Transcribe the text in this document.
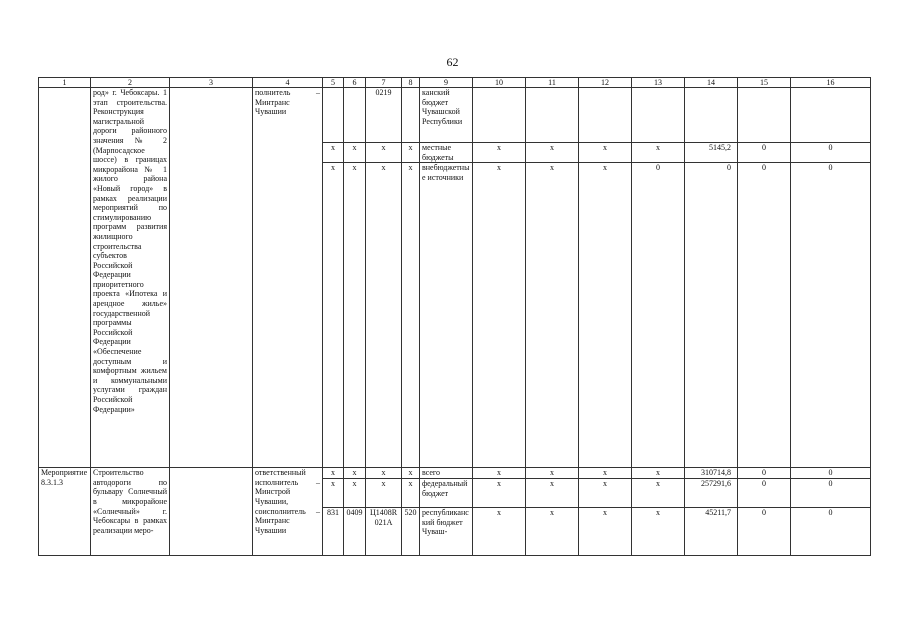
62
1	2	3	4	5	6	7	8	9	10	11	12	13	14	15	16
	род» г. Чебоксары. 1 этап строительства. Реконструкция магистральной дороги районного значения № 2 (Марпосадское шоссе) в границах микрорайона № 1 жилого района «Новый город» в рамках реализации мероприятий по стимулированию программ развития жилищного строительства субъектов Российской Федерации приоритетного проекта «Ипотека и арендное жилье» государственной программы Российской Федерации «Обеспечение доступным и комфортным жильем и коммунальными услугами граждан Российской Федерации»		полнитель – Минтранс Чувашии			0219		канский бюджет Чувашской Республики							
				x	x	x	x	местные бюджеты	x	x	x	x	5145,2	0	0
				x	x	x	x	внебюджетные источники	x	x	x	0	0	0	0
Мероприятие 8.3.1.3	Строительство автодороги по бульвару Солнечный в микрорайоне «Солнечный» г. Чебоксары в рамках реализации меро-		ответственный исполнитель – Минстрой Чувашии, соисполнитель – Минтранс Чувашии	x	x	x	x	всего	x	x	x	x	310714,8	0	0
				x	x	x	x	федеральный бюджет	x	x	x	x	257291,6	0	0
				831	0409	Ц1408R021А	520	республиканский бюджет Чуваш-	x	x	x	x	45211,7	0	0
